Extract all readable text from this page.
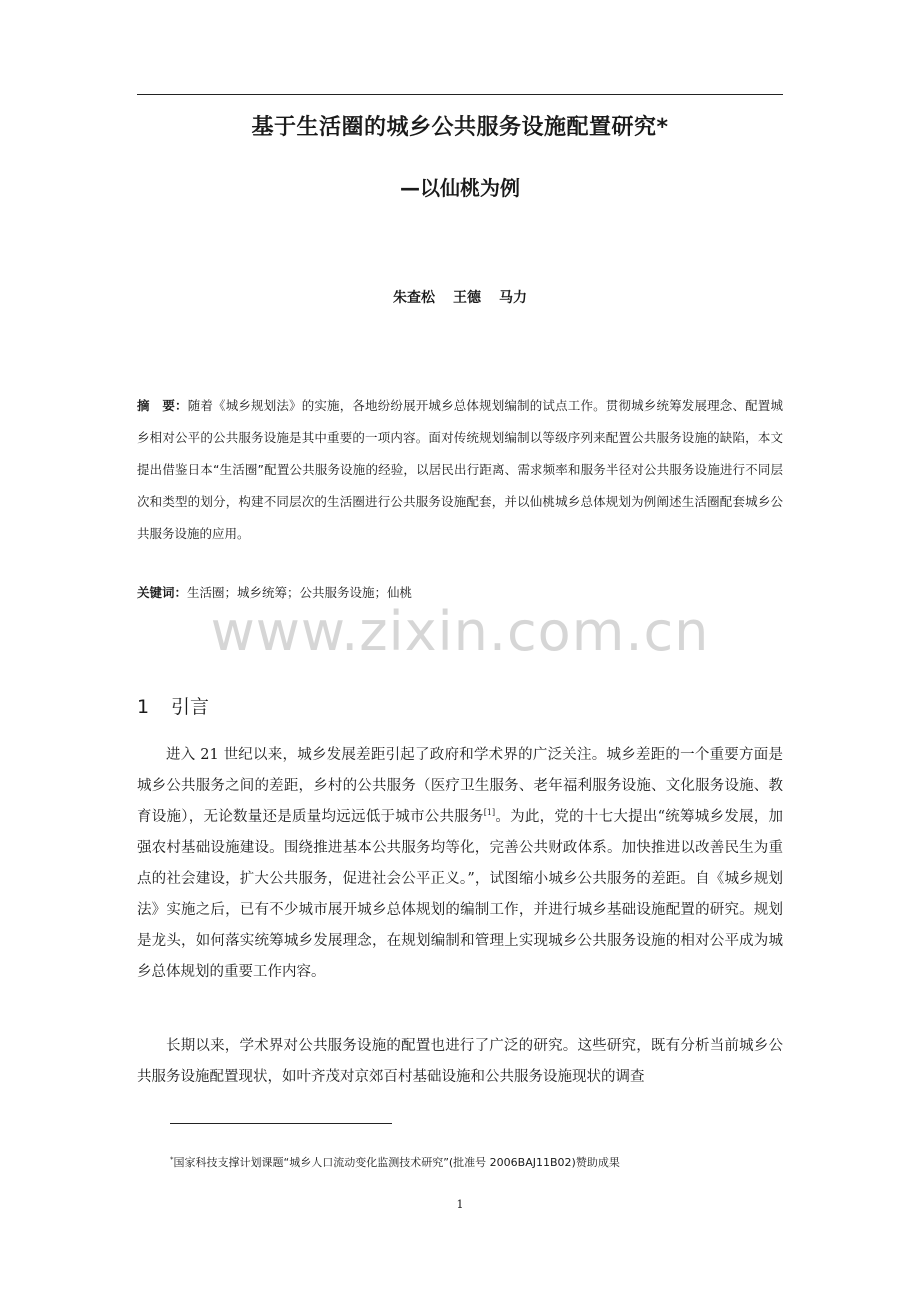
基于生活圈的城乡公共服务设施配置研究*
—以仙桃为例
朱查松 王德 马力
摘　要：随着《城乡规划法》的实施，各地纷纷展开城乡总体规划编制的试点工作。贯彻城乡统筹发展理念、配置城乡相对公平的公共服务设施是其中重要的一项内容。面对传统规划编制以等级序列来配置公共服务设施的缺陷，本文提出借鉴日本“生活圈”配置公共服务设施的经验，以居民出行距离、需求频率和服务半径对公共服务设施进行不同层次和类型的划分，构建不同层次的生活圈进行公共服务设施配套，并以仙桃城乡总体规划为例阐述生活圈配套城乡公共服务设施的应用。
关键词：生活圈；城乡统筹；公共服务设施；仙桃
www.zixin.com.cn
1 引言
进入 21 世纪以来，城乡发展差距引起了政府和学术界的广泛关注。城乡差距的一个重要方面是城乡公共服务之间的差距，乡村的公共服务（医疗卫生服务、老年福利服务设施、文化服务设施、教育设施），无论数量还是质量均远远低于城市公共服务[1]。为此，党的十七大提出“统筹城乡发展，加强农村基础设施建设。围绕推进基本公共服务均等化，完善公共财政体系。加快推进以改善民生为重点的社会建设，扩大公共服务，促进社会公平正义。”，试图缩小城乡公共服务的差距。自《城乡规划法》实施之后，已有不少城市展开城乡总体规划的编制工作，并进行城乡基础设施配置的研究。规划是龙头，如何落实统筹城乡发展理念，在规划编制和管理上实现城乡公共服务设施的相对公平成为城乡总体规划的重要工作内容。
长期以来，学术界对公共服务设施的配置也进行了广泛的研究。这些研究，既有分析当前城乡公共服务设施配置现状，如叶齐茂对京郊百村基础设施和公共服务设施现状的调查
*国家科技支撑计划课题“城乡人口流动变化监测技术研究”(批准号 2006BAJ11B02)赞助成果
1
